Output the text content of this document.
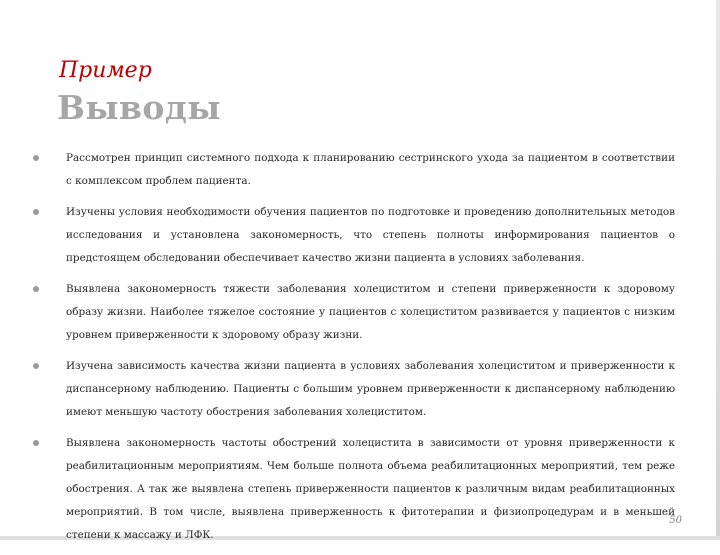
Пример
Выводы
Рассмотрен принцип системного подхода к планированию сестринского ухода за пациентом в соответствии с комплексом проблем пациента.
Изучены условия необходимости обучения пациентов по подготовке и проведению дополнительных методов исследования и установлена закономерность, что степень полноты информирования пациентов о предстоящем обследовании обеспечивает качество жизни пациента в условиях заболевания.
Выявлена закономерность тяжести заболевания холециститом и степени приверженности к здоровому образу жизни. Наиболее тяжелое состояние у пациентов с холециститом развивается у пациентов с низким уровнем приверженности к здоровому образу жизни.
Изучена зависимость качества жизни пациента в условиях заболевания холециститом и приверженности к диспансерному наблюдению. Пациенты с большим уровнем приверженности к диспансерному наблюдению имеют меньшую частоту обострения заболевания холециститом.
Выявлена закономерность частоты обострений холецистита в зависимости от уровня приверженности к реабилитационным мероприятиям. Чем больше полнота объема реабилитационных мероприятий, тем реже обострения. А так же выявлена степень приверженности пациентов к различным видам реабилитационных мероприятий. В том числе, выявлена приверженность к фитотерапии и физиопроцедурам и в меньшей степени к массажу и ЛФК.
50
